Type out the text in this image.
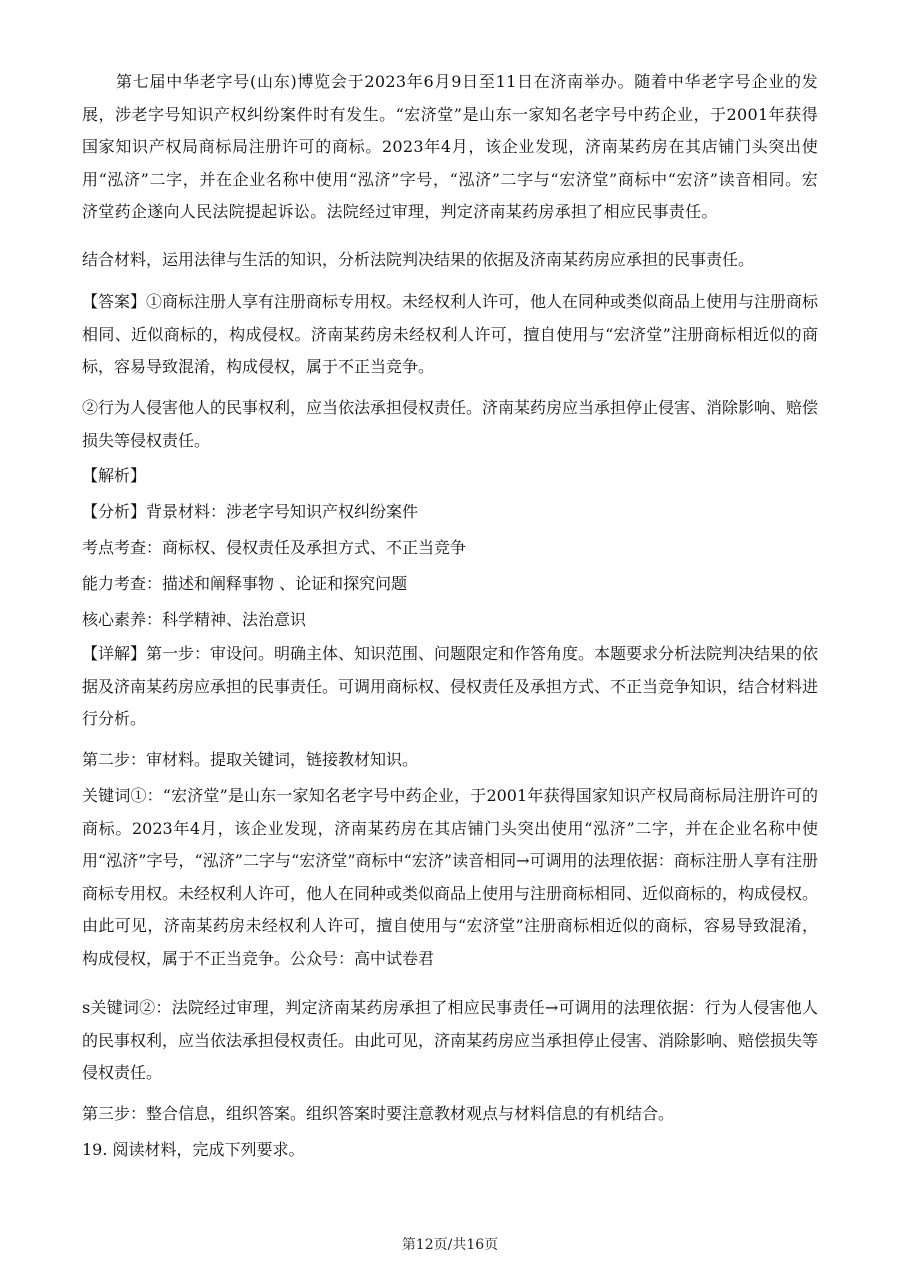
第七届中华老字号(山东)博览会于2023年6月9日至11日在济南举办。随着中华老字号企业的发展，涉老字号知识产权纠纷案件时有发生。“宏济堂”是山东一家知名老字号中药企业，于2001年获得国家知识产权局商标局注册许可的商标。2023年4月，该企业发现，济南某药房在其店铺门头突出使用“泓济”二字，并在企业名称中使用“泓济”字号，“泓济”二字与“宏济堂”商标中“宏济”读音相同。宏济堂药企遂向人民法院提起诉讼。法院经过审理，判定济南某药房承担了相应民事责任。

结合材料，运用法律与生活的知识，分析法院判决结果的依据及济南某药房应承担的民事责任。

【答案】①商标注册人享有注册商标专用权。未经权利人许可，他人在同种或类似商品上使用与注册商标相同、近似商标的，构成侵权。济南某药房未经权利人许可，擅自使用与“宏济堂”注册商标相近似的商标，容易导致混淆，构成侵权，属于不正当竞争。

②行为人侵害他人的民事权利，应当依法承担侵权责任。济南某药房应当承担停止侵害、消除影响、赔偿损失等侵权责任。

【解析】

【分析】背景材料：涉老字号知识产权纠纷案件

考点考查：商标权、侵权责任及承担方式、不正当竞争

能力考查：描述和阐释事物 、论证和探究问题

核心素养：科学精神、法治意识

【详解】第一步：审设问。明确主体、知识范围、问题限定和作答角度。本题要求分析法院判决结果的依据及济南某药房应承担的民事责任。可调用商标权、侵权责任及承担方式、不正当竞争知识，结合材料进行分析。

第二步：审材料。提取关键词，链接教材知识。

关键词①：“宏济堂”是山东一家知名老字号中药企业，于2001年获得国家知识产权局商标局注册许可的商标。2023年4月，该企业发现，济南某药房在其店铺门头突出使用“泓济”二字，并在企业名称中使用“泓济”字号，“泓济”二字与“宏济堂”商标中“宏济”读音相同→可调用的法理依据：商标注册人享有注册商标专用权。未经权利人许可，他人在同种或类似商品上使用与注册商标相同、近似商标的，构成侵权。由此可见，济南某药房未经权利人许可，擅自使用与“宏济堂”注册商标相近似的商标，容易导致混淆，构成侵权，属于不正当竞争。公众号：高中试卷君

s关键词②：法院经过审理，判定济南某药房承担了相应民事责任→可调用的法理依据：行为人侵害他人的民事权利，应当依法承担侵权责任。由此可见，济南某药房应当承担停止侵害、消除影响、赔偿损失等侵权责任。

第三步：整合信息，组织答案。组织答案时要注意教材观点与材料信息的有机结合。

19. 阅读材料，完成下列要求。

第12页/共16页
